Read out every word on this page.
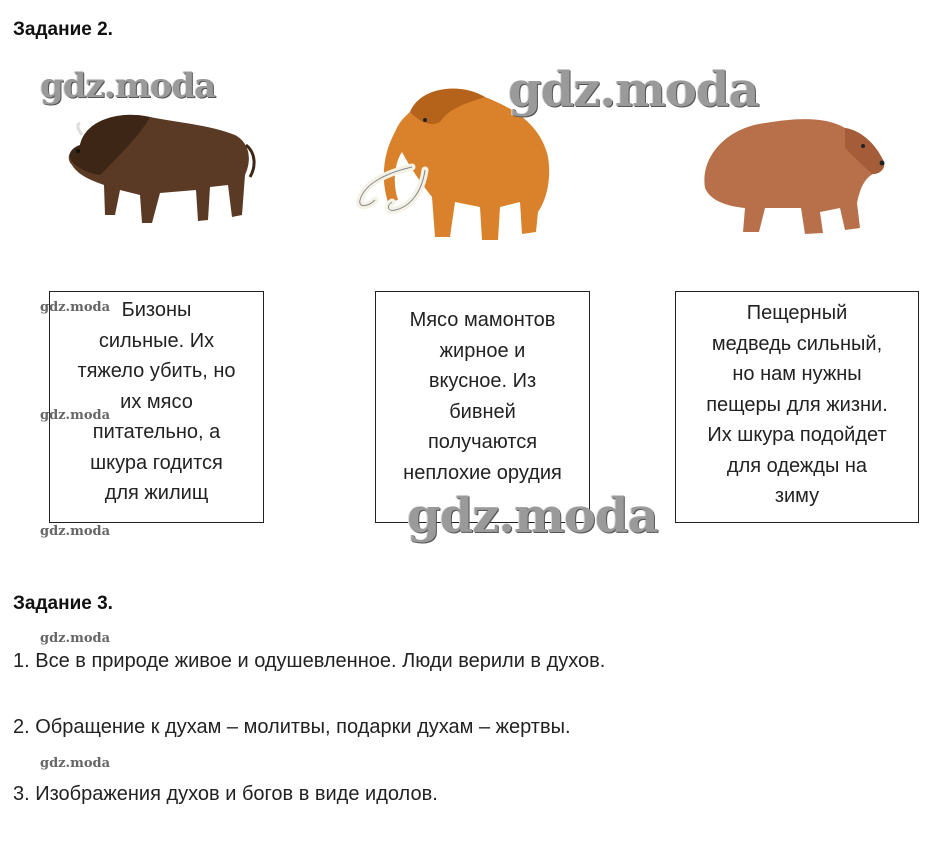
Задание 2.
Бизоны
сильные. Их
тяжело убить, но
их мясо
питательно, а
шкура годится
для жилищ
Мясо мамонтов
жирное и
вкусное. Из
бивней
получаются
неплохие орудия
Пещерный
медведь сильный,
но нам нужны
пещеры для жизни.
Их шкура подойдет
для одежды на
зиму
gdz.moda	gdz.moda
gdz.moda
gdz.moda
gdz.moda
gdz.moda
gdz.moda
gdz.moda
Задание 3.
1. Все в природе живое и одушевленное. Люди верили в духов.
2. Обращение к духам – молитвы, подарки духам – жертвы.
3. Изображения духов и богов в виде идолов.
